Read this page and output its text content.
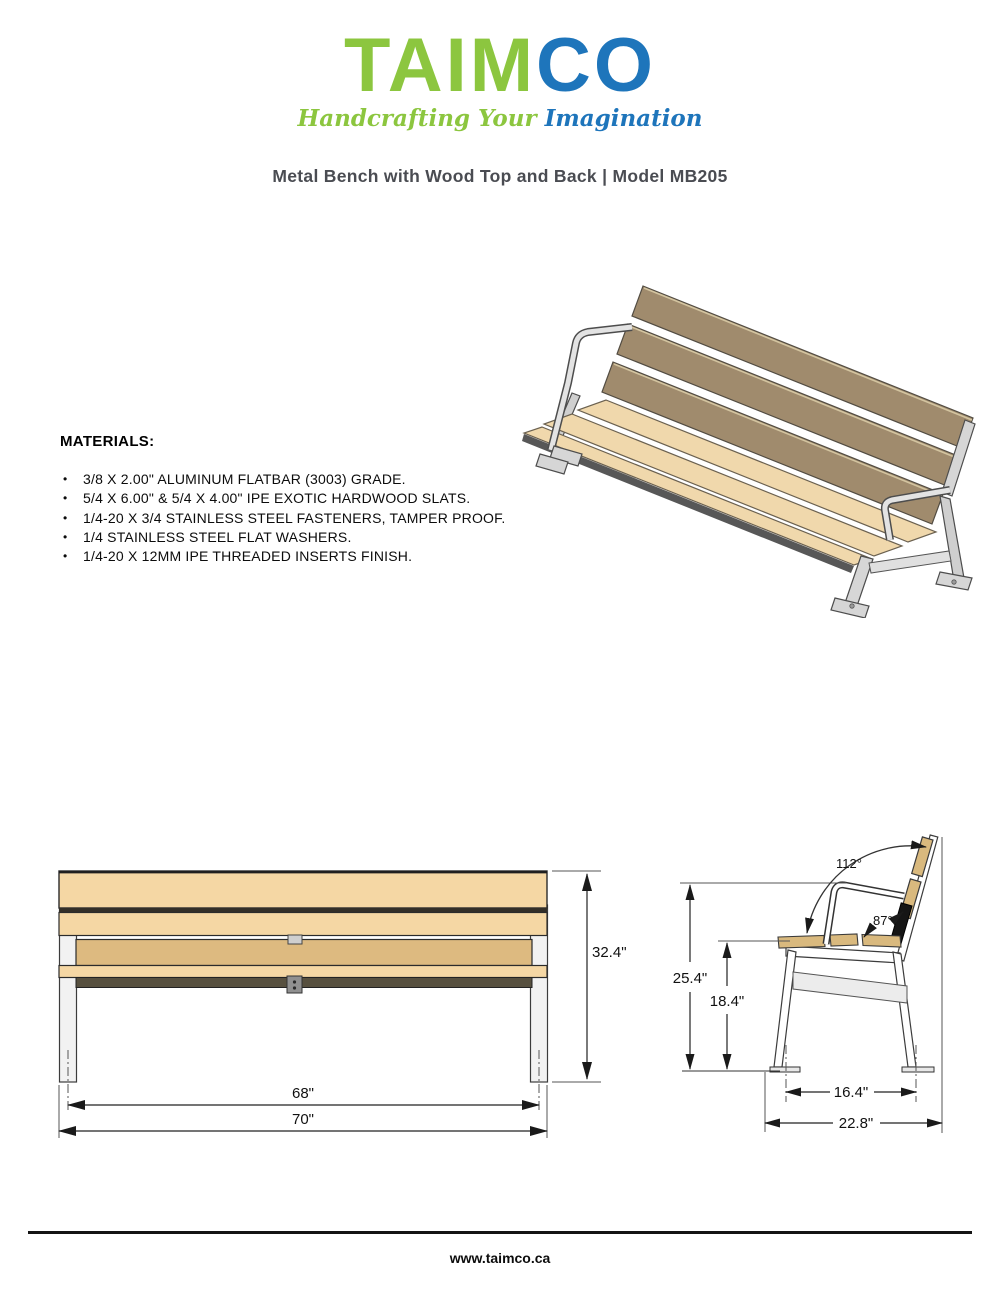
TAIMCO
Handcrafting Your Imagination
Metal Bench with Wood Top and Back | Model MB205
MATERIALS:
• 3/8 X 2.00" ALUMINUM FLATBAR (3003) GRADE.
• 5/4 X 6.00" & 5/4 X 4.00" IPE EXOTIC HARDWOOD SLATS.
• 1/4-20 X 3/4 STAINLESS STEEL FASTENERS, TAMPER PROOF.
• 1/4 STAINLESS STEEL FLAT WASHERS.
• 1/4-20 X 12MM IPE THREADED INSERTS FINISH.
32.4"
68"
70"
25.4"
18.4"
16.4"
22.8"
112°
87°
www.taimco.ca
